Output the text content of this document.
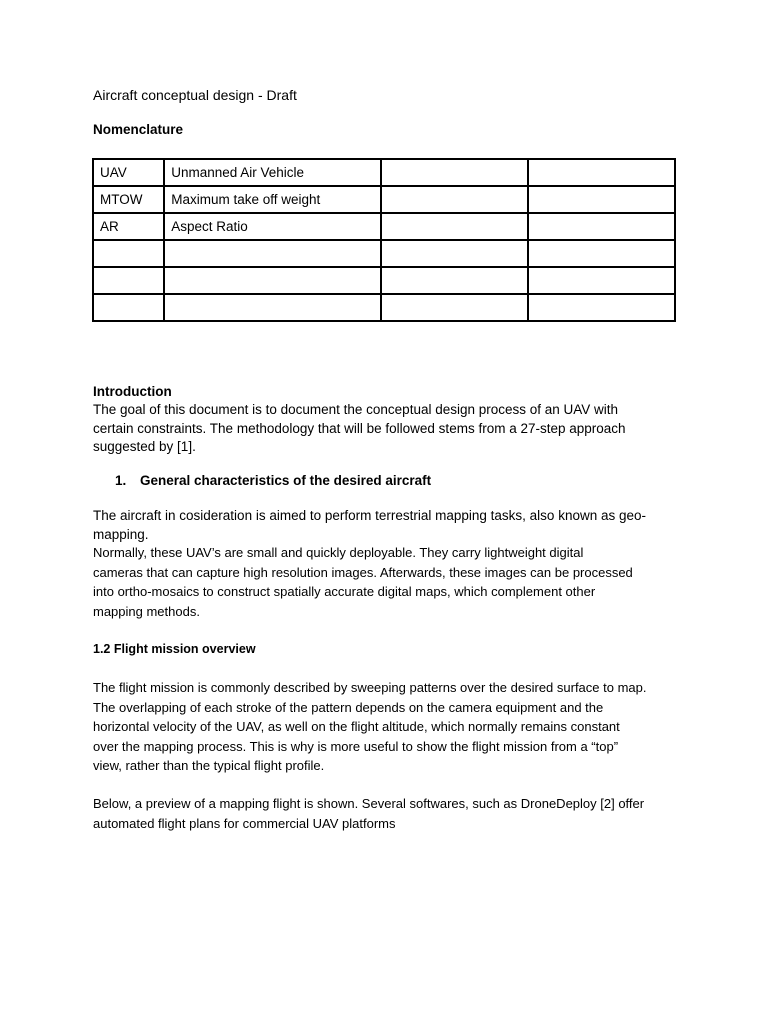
Aircraft conceptual design - Draft

Nomenclature

UAV	Unmanned Air Vehicle		
MTOW	Maximum take off weight		
AR	Aspect Ratio		

Introduction

The goal of this document is to document the conceptual design process of an UAV with
certain constraints. The methodology that will be followed stems from a 27-step approach
suggested by [1].

1. General characteristics of the desired aircraft

The aircraft in cosideration is aimed to perform terrestrial mapping tasks, also known as geo-
mapping.

Normally, these UAV’s are small and quickly deployable. They carry lightweight digital
cameras that can capture high resolution images. Afterwards, these images can be processed
into ortho-mosaics to construct spatially accurate digital maps, which complement other
mapping methods.

1.2 Flight mission overview

The flight mission is commonly described by sweeping patterns over the desired surface to map.
The overlapping of each stroke of the pattern depends on the camera equipment and the
horizontal velocity of the UAV, as well on the flight altitude, which normally remains constant
over the mapping process. This is why is more useful to show the flight mission from a “top”
view, rather than the typical flight profile.

Below, a preview of a mapping flight is shown. Several softwares, such as DroneDeploy [2] offer
automated flight plans for commercial UAV platforms
